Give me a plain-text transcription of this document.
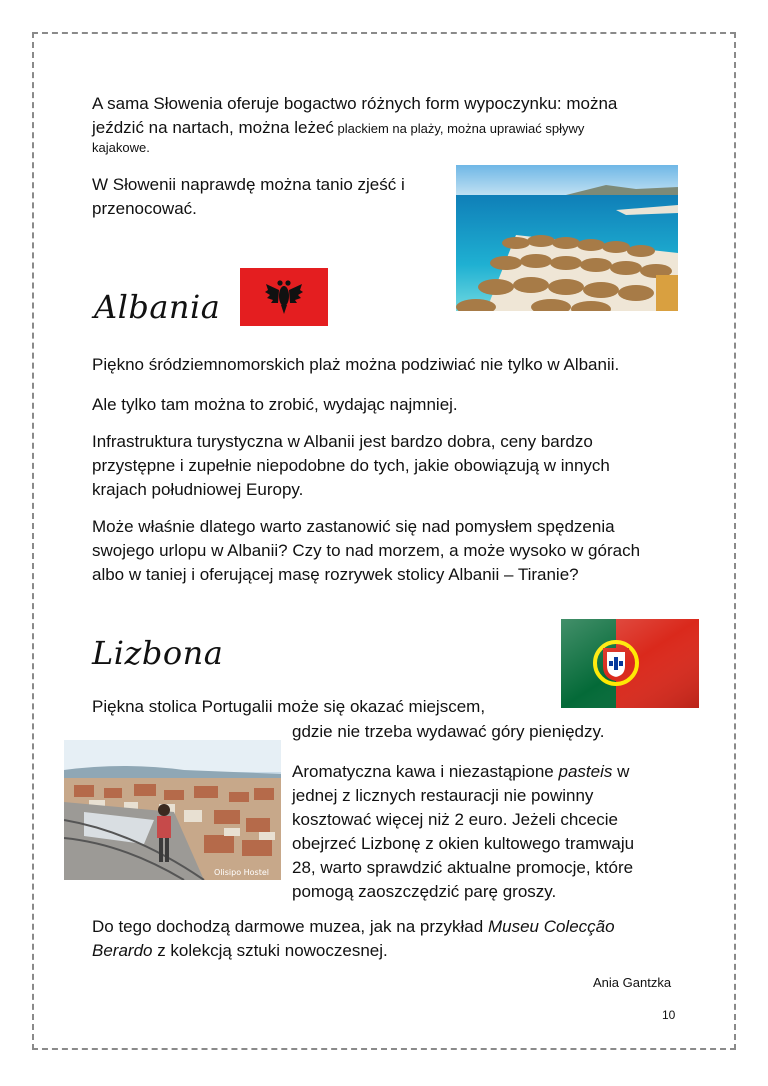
A sama Słowenia oferuje bogactwo różnych form wypoczynku: można

jeździć na nartach, można leżeć plackiem na plaży, można uprawiać spływy

kajakowe.

W Słowenii naprawdę można tanio zjeść i

przenocować.

Albania

Piękno śródziemnomorskich plaż można podziwiać nie tylko w Albanii.

Ale tylko tam można to zrobić, wydając najmniej.

Infrastruktura turystyczna w Albanii jest bardzo dobra, ceny bardzo

przystępne i zupełnie niepodobne do tych, jakie obowiązują w innych

krajach południowej Europy.

Może właśnie dlatego warto zastanowić się nad pomysłem spędzenia

swojego urlopu w Albanii? Czy to nad morzem, a może wysoko w górach

albo w taniej i oferującej masę rozrywek stolicy Albanii – Tiranie?

Lizbona

Piękna stolica Portugalii może się okazać miejscem,

gdzie nie trzeba wydawać góry pieniędzy.

Olisipo Hostel

Aromatyczna kawa i niezastąpione pasteis w

jednej z licznych restauracji nie powinny

kosztować więcej niż 2 euro. Jeżeli chcecie

obejrzeć Lizbonę z okien kultowego tramwaju

28, warto sprawdzić aktualne promocje, które

pomogą zaoszczędzić parę groszy.

Do tego dochodzą darmowe muzea, jak na przykład Museu Colecção

Berardo z kolekcją sztuki nowoczesnej.

Ania Gantzka
10
